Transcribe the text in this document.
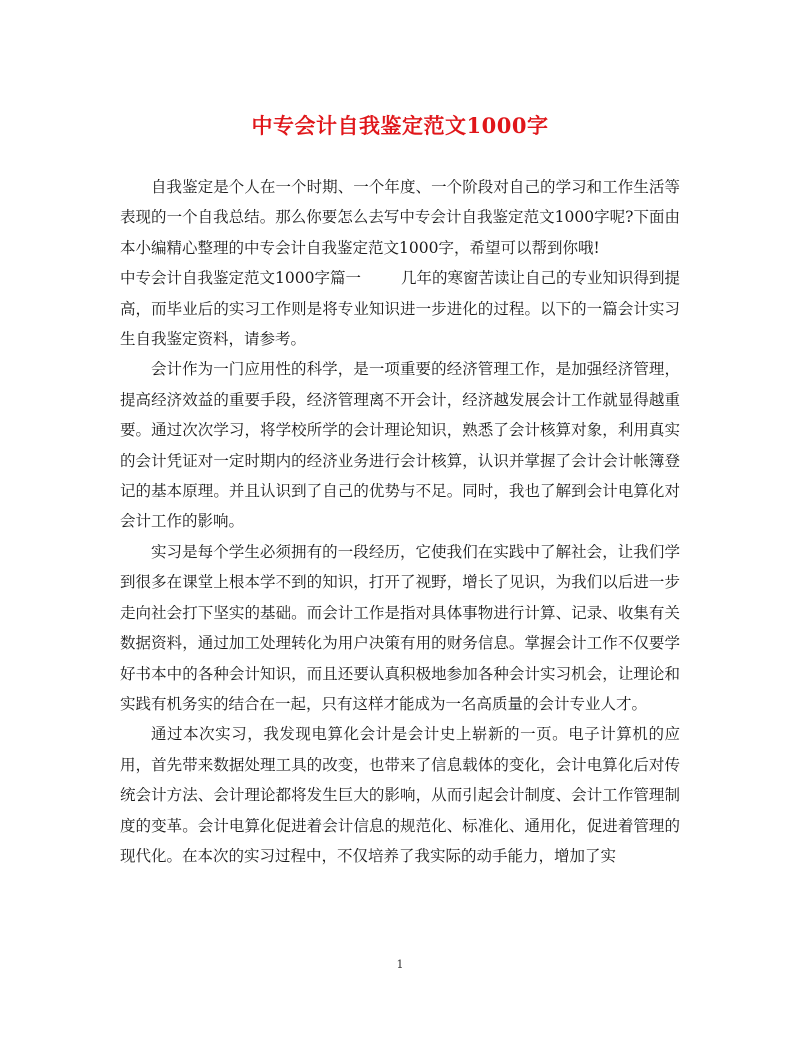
中专会计自我鉴定范文1000字

自我鉴定是个人在一个时期、一个年度、一个阶段对自己的学习和工作生活等表现的一个自我总结。那么你要怎么去写中专会计自我鉴定范文1000字呢?下面由本小编精心整理的中专会计自我鉴定范文1000字，希望可以帮到你哦!

中专会计自我鉴定范文1000字篇一	几年的寒窗苦读让自己的专业知识得到提高，而毕业后的实习工作则是将专业知识进一步进化的过程。以下的一篇会计实习生自我鉴定资料，请参考。

会计作为一门应用性的科学，是一项重要的经济管理工作，是加强经济管理，提高经济效益的重要手段，经济管理离不开会计，经济越发展会计工作就显得越重要。通过次次学习，将学校所学的会计理论知识，熟悉了会计核算对象，利用真实的会计凭证对一定时期内的经济业务进行会计核算，认识并掌握了会计会计帐簿登记的基本原理。并且认识到了自己的优势与不足。同时，我也了解到会计电算化对会计工作的影响。

实习是每个学生必须拥有的一段经历，它使我们在实践中了解社会，让我们学到很多在课堂上根本学不到的知识，打开了视野，增长了见识，为我们以后进一步走向社会打下坚实的基础。而会计工作是指对具体事物进行计算、记录、收集有关数据资料，通过加工处理转化为用户决策有用的财务信息。掌握会计工作不仅要学好书本中的各种会计知识，而且还要认真积极地参加各种会计实习机会，让理论和实践有机务实的结合在一起，只有这样才能成为一名高质量的会计专业人才。

通过本次实习，我发现电算化会计是会计史上崭新的一页。电子计算机的应用，首先带来数据处理工具的改变，也带来了信息载体的变化，会计电算化后对传统会计方法、会计理论都将发生巨大的影响，从而引起会计制度、会计工作管理制度的变革。会计电算化促进着会计信息的规范化、标准化、通用化，促进着管理的现代化。在本次的实习过程中，不仅培养了我实际的动手能力，增加了实

1
